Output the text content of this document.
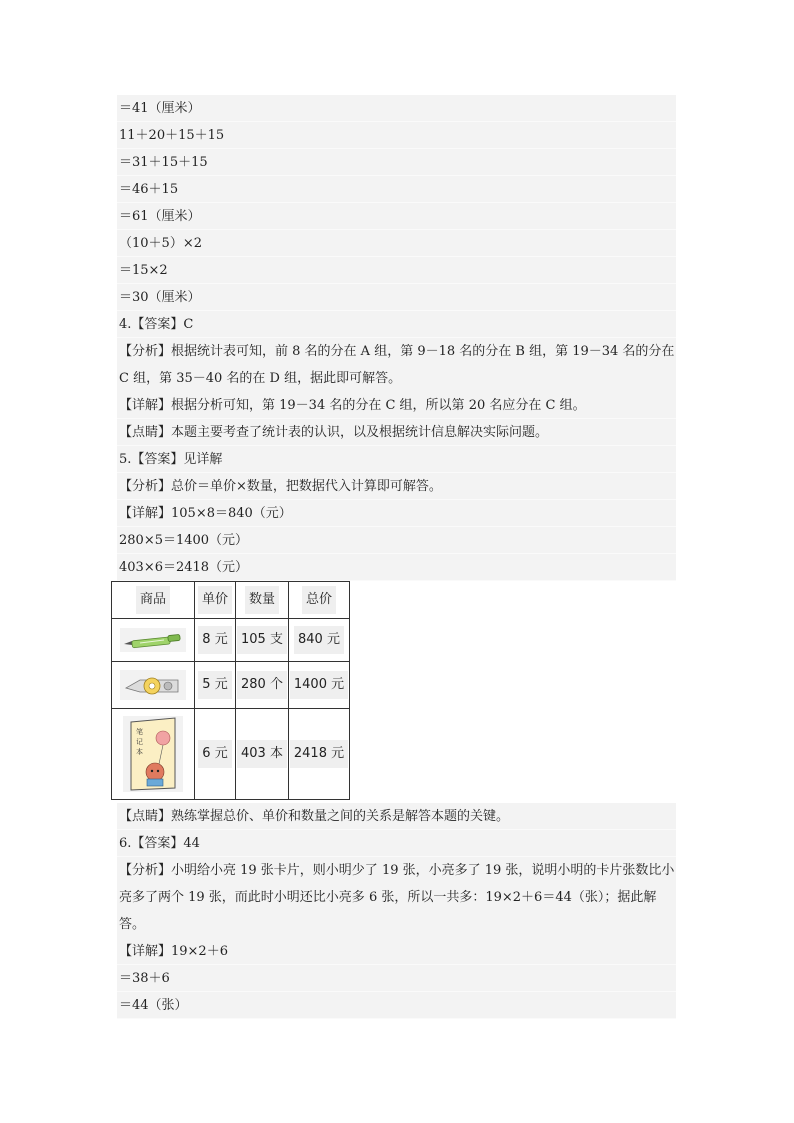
＝41（厘米）
11＋20＋15＋15
＝31＋15＋15
＝46＋15
＝61（厘米）
（10＋5）×2
＝15×2
＝30（厘米）
4.【答案】C
【分析】根据统计表可知，前 8 名的分在 A 组，第 9－18 名的分在 B 组，第 19－34 名的分在 C 组，第 35－40 名的在 D 组，据此即可解答。
【详解】根据分析可知，第 19－34 名的分在 C 组，所以第 20 名应分在 C 组。
【点睛】本题主要考查了统计表的认识，以及根据统计信息解决实际问题。
5.【答案】见详解
【分析】总价＝单价×数量，把数据代入计算即可解答。
【详解】105×8＝840（元）
280×5＝1400（元）
403×6＝2418（元）
商品	单价	数量	总价

	8 元	105 支	840 元

	5 元	280 个	1400 元

笔
记
本	6 元	403 本	2418 元
【点睛】熟练掌握总价、单价和数量之间的关系是解答本题的关键。
6.【答案】44
【分析】小明给小亮 19 张卡片，则小明少了 19 张，小亮多了 19 张，说明小明的卡片张数比小亮多了两个 19 张，而此时小明还比小亮多 6 张，所以一共多：19×2＋6＝44（张）；据此解答。
【详解】19×2＋6
＝38＋6
＝44（张）
